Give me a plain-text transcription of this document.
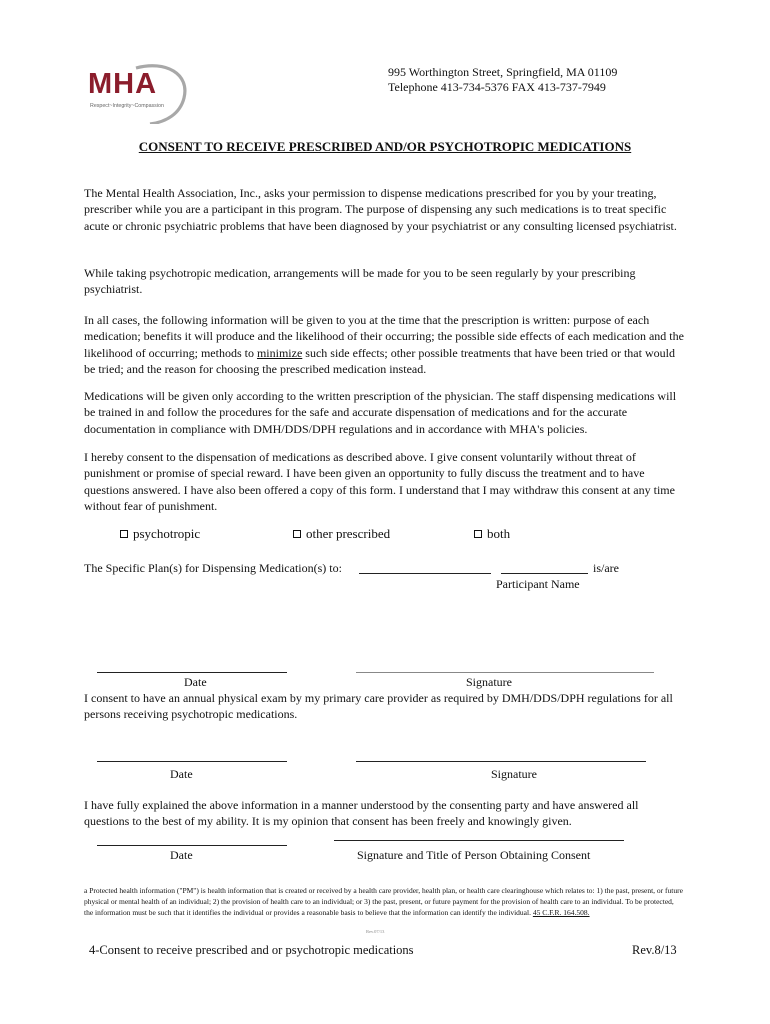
MHA
Respect~Integrity~Compassion
995 Worthington Street, Springfield, MA 01109
Telephone 413-734-5376 FAX 413-737-7949
CONSENT TO RECEIVE PRESCRIBED AND/OR PSYCHOTROPIC MEDICATIONS

The Mental Health Association, Inc., asks your permission to dispense medications prescribed for you by your treating, prescriber while you are a participant in this program. The purpose of dispensing any such medications is to treat specific acute or chronic psychiatric problems that have been diagnosed by your psychiatrist or any consulting licensed psychiatrist.

While taking psychotropic medication, arrangements will be made for you to be seen regularly by your prescribing psychiatrist.

In all cases, the following information will be given to you at the time that the prescription is written: purpose of each medication; benefits it will produce and the likelihood of their occurring; the possible side effects of each medication and the likelihood of occurring; methods to minimize such side effects; other possible treatments that have been tried or that would be tried; and the reason for choosing the prescribed medication instead.

Medications will be given only according to the written prescription of the physician. The staff dispensing medications will be trained in and follow the procedures for the safe and accurate dispensation of medications and for the accurate documentation in compliance with DMH/DDS/DPH regulations and in accordance with MHA's policies.

I hereby consent to the dispensation of medications as described above. I give consent voluntarily without threat of punishment or promise of special reward. I have been given an opportunity to fully discuss the treatment and to have questions answered. I have also been offered a copy of this form. I understand that I may withdraw this consent at any time without fear of punishment.

psychotropic	other prescribed	both
The Specific Plan(s) for Dispensing Medication(s) to:	is/are
Participant Name
Date	Signature

I consent to have an annual physical exam by my primary care provider as required by DMH/DDS/DPH regulations for all persons receiving psychotropic medications.

Date	Signature

I have fully explained the above information in a manner understood by the consenting party and have answered all questions to the best of my ability. It is my opinion that consent has been freely and knowingly given.

Date	Signature and Title of Person Obtaining Consent
a Protected health information ("PM") is health information that is created or received by a health care provider, health plan, or health care clearinghouse which relates to: 1) the past, present, or future physical or mental health of an individual; 2) the provision of health care to an individual; or 3) the past, present, or future payment for the provision of health care to an individual. To be protected, the information must be such that it identifies the individual or provides a reasonable basis to believe that the information can identify the individual. 45 C.F.R. 164.508.
Rev.07/13
4-Consent to receive prescribed and or psychotropic medications	Rev.8/13
